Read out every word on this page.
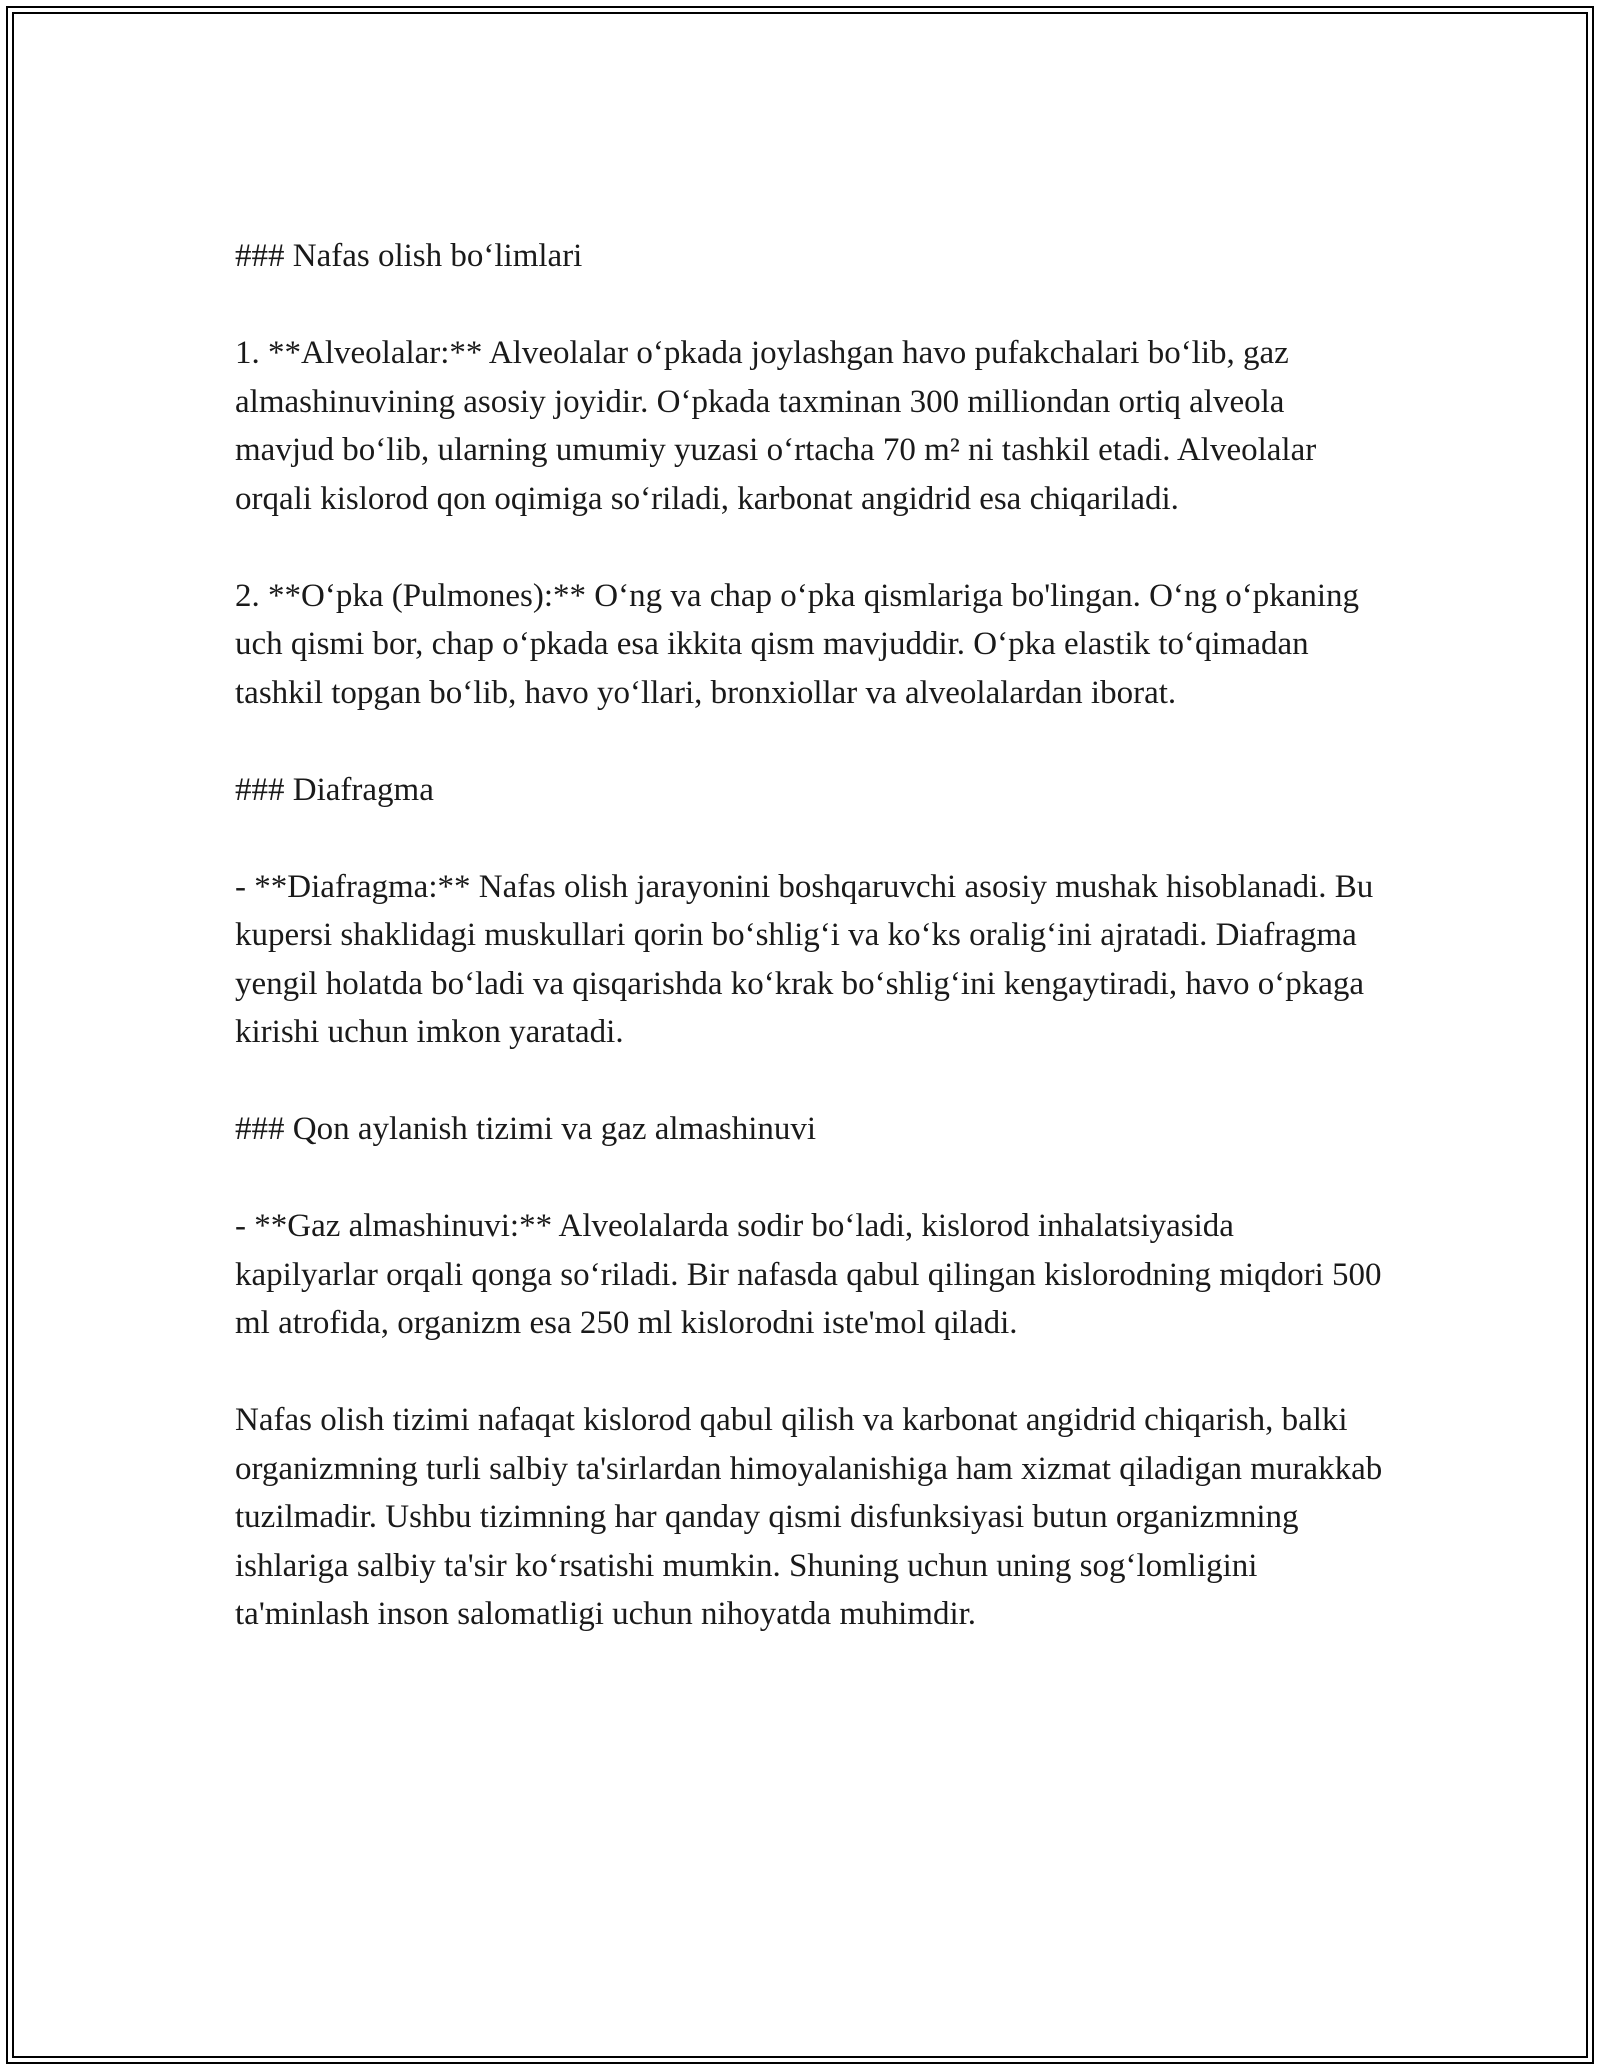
### Nafas olish bo‘limlari

1. **Alveolalar:** Alveolalar o‘pkada joylashgan havo pufakchalari bo‘lib, gaz almashinuvining asosiy joyidir. O‘pkada taxminan 300 milliondan ortiq alveola mavjud bo‘lib, ularning umumiy yuzasi o‘rtacha 70 m² ni tashkil etadi. Alveolalar orqali kislorod qon oqimiga so‘riladi, karbonat angidrid esa chiqariladi.

2. **O‘pka (Pulmones):** O‘ng va chap o‘pka qismlariga bo'lingan. O‘ng o‘pkaning uch qismi bor, chap o‘pkada esa ikkita qism mavjuddir. O‘pka elastik to‘qimadan tashkil topgan bo‘lib, havo yo‘llari, bronxiollar va alveolalardan iborat.

### Diafragma

- **Diafragma:** Nafas olish jarayonini boshqaruvchi asosiy mushak hisoblanadi. Bu kupersi shaklidagi muskullari qorin bo‘shlig‘i va ko‘ks oralig‘ini ajratadi. Diafragma yengil holatda bo‘ladi va qisqarishda ko‘krak bo‘shlig‘ini kengaytiradi, havo o‘pkaga kirishi uchun imkon yaratadi.

### Qon aylanish tizimi va gaz almashinuvi

- **Gaz almashinuvi:** Alveolalarda sodir bo‘ladi, kislorod inhalatsiyasida kapilyarlar orqali qonga so‘riladi. Bir nafasda qabul qilingan kislorodning miqdori 500 ml atrofida, organizm esa 250 ml kislorodni iste'mol qiladi.

Nafas olish tizimi nafaqat kislorod qabul qilish va karbonat angidrid chiqarish, balki organizmning turli salbiy ta'sirlardan himoyalanishiga ham xizmat qiladigan murakkab tuzilmadir. Ushbu tizimning har qanday qismi disfunksiyasi butun organizmning ishlariga salbiy ta'sir ko‘rsatishi mumkin. Shuning uchun uning sog‘lomligini ta'minlash inson salomatligi uchun nihoyatda muhimdir.
